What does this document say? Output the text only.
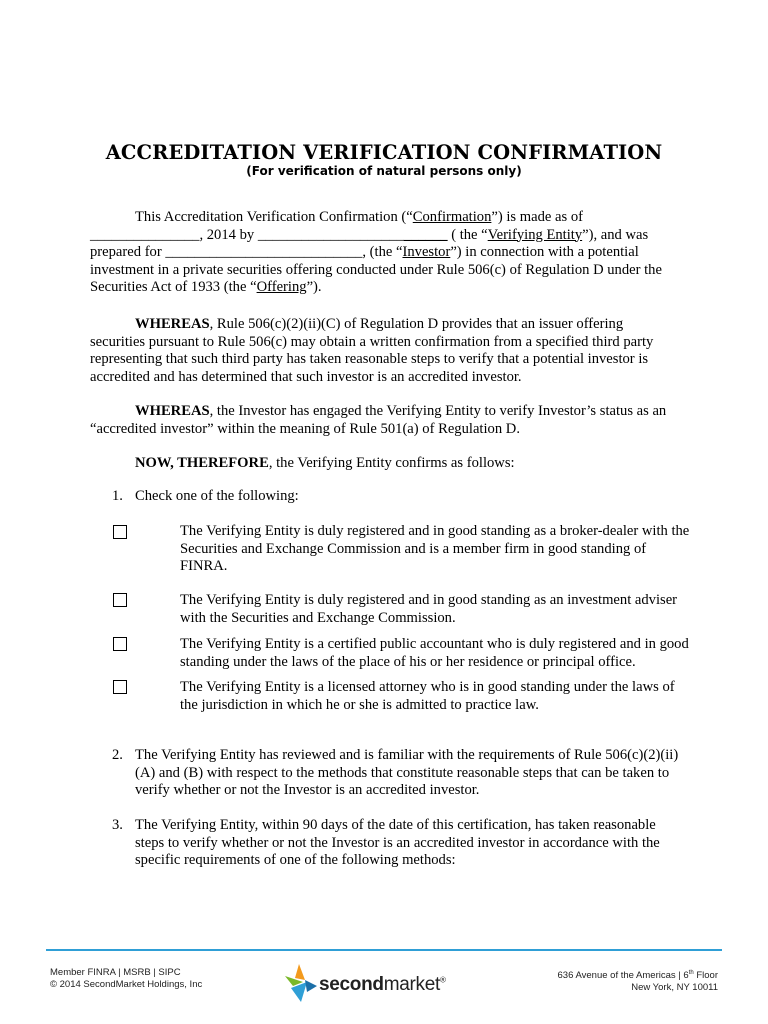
ACCREDITATION VERIFICATION CONFIRMATION
(For verification of natural persons only)
This Accreditation Verification Confirmation (“Confirmation”) is made as of
_______________, 2014 by __________________________ ( the “Verifying Entity”), and was
prepared for ___________________________, (the “Investor”) in connection with a potential
investment in a private securities offering conducted under Rule 506(c) of Regulation D under the
Securities Act of 1933 (the “Offering”).
WHEREAS, Rule 506(c)(2)(ii)(C) of Regulation D provides that an issuer offering securities pursuant to Rule 506(c) may obtain a written confirmation from a specified third party representing that such third party has taken reasonable steps to verify that a potential investor is accredited and has determined that such investor is an accredited investor.
WHEREAS, the Investor has engaged the Verifying Entity to verify Investor’s status as an “accredited investor” within the meaning of Rule 501(a) of Regulation D.
NOW, THEREFORE, the Verifying Entity confirms as follows:
1. Check one of the following:
The Verifying Entity is duly registered and in good standing as a broker-dealer with the Securities and Exchange Commission and is a member firm in good standing of FINRA.
The Verifying Entity is duly registered and in good standing as an investment adviser with the Securities and Exchange Commission.
The Verifying Entity is a certified public accountant who is duly registered and in good standing under the laws of the place of his or her residence or principal office.
The Verifying Entity is a licensed attorney who is in good standing under the laws of the jurisdiction in which he or she is admitted to practice law.
2. The Verifying Entity has reviewed and is familiar with the requirements of Rule 506(c)(2)(ii)(A) and (B) with respect to the methods that constitute reasonable steps that can be taken to verify whether or not the Investor is an accredited investor.
3. The Verifying Entity, within 90 days of the date of this certification, has taken reasonable steps to verify whether or not the Investor is an accredited investor in accordance with the specific requirements of one of the following methods:
Member FINRA | MSRB | SIPC
© 2014 SecondMarket Holdings, Inc	secondmarket®	636 Avenue of the Americas | 6th Floor
New York, NY 10011
